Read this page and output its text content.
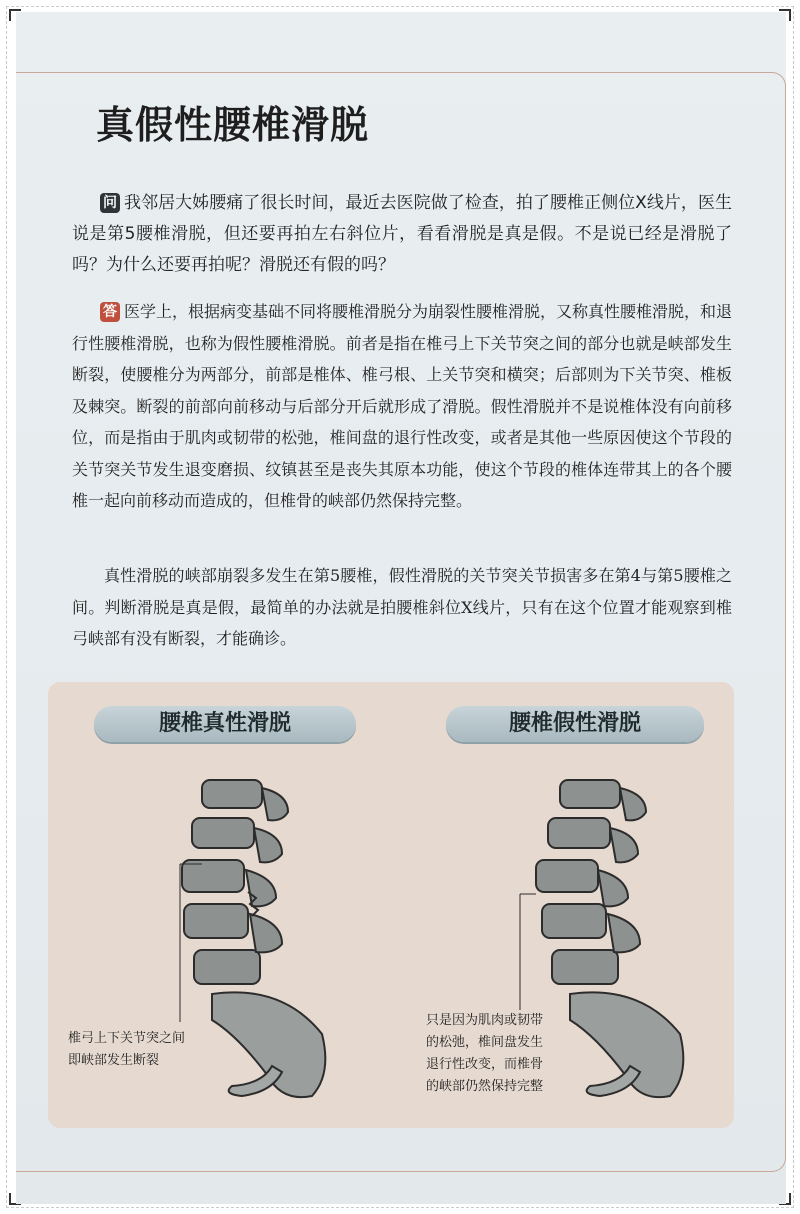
真假性腰椎滑脱

问 我邻居大姊腰痛了很长时间，最近去医院做了检查，拍了腰椎正侧位X线片，医生说是第5腰椎滑脱，但还要再拍左右斜位片，看看滑脱是真是假。不是说已经是滑脱了吗？为什么还要再拍呢？滑脱还有假的吗？

答 医学上，根据病变基础不同将腰椎滑脱分为崩裂性腰椎滑脱，又称真性腰椎滑脱，和退行性腰椎滑脱，也称为假性腰椎滑脱。前者是指在椎弓上下关节突之间的部分也就是峡部发生断裂，使腰椎分为两部分，前部是椎体、椎弓根、上关节突和横突；后部则为下关节突、椎板及棘突。断裂的前部向前移动与后部分开后就形成了滑脱。假性滑脱并不是说椎体没有向前移位，而是指由于肌肉或韧带的松弛，椎间盘的退行性改变，或者是其他一些原因使这个节段的关节突关节发生退变磨损、纹镇甚至是丧失其原本功能，使这个节段的椎体连带其上的各个腰椎一起向前移动而造成的，但椎骨的峡部仍然保持完整。

真性滑脱的峡部崩裂多发生在第5腰椎，假性滑脱的关节突关节损害多在第4与第5腰椎之间。判断滑脱是真是假，最简单的办法就是拍腰椎斜位X线片，只有在这个位置才能观察到椎弓峡部有没有断裂，才能确诊。

腰椎真性滑脱	腰椎假性滑脱

椎弓上下关节突之间
即峡部发生断裂

只是因为肌肉或韧带
的松弛，椎间盘发生
退行性改变，而椎骨
的峡部仍然保持完整
